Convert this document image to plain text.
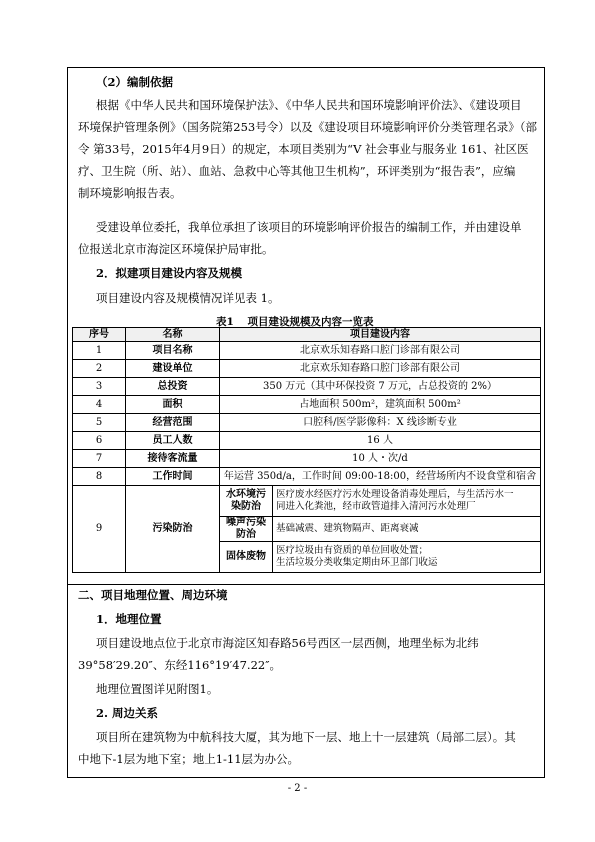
（2）编制依据
根据《中华人民共和国环境保护法》、《中华人民共和国环境影响评价法》、《建设项目
环境保护管理条例》（国务院第253号令）以及《建设项目环境影响评价分类管理名录》（部
令 第33号，2015年4月9日）的规定，本项目类别为“V 社会事业与服务业 161、社区医
疗、卫生院（所、站）、血站、急救中心等其他卫生机构”，环评类别为“报告表”，应编
制环境影响报告表。
受建设单位委托，我单位承担了该项目的环境影响评价报告的编制工作，并由建设单
位报送北京市海淀区环境保护局审批。
2．拟建项目建设内容及规模
项目建设内容及规模情况详见表 1。
表1 项目建设规模及内容一览表
序号	名称	项目建设内容	
1	项目名称	北京欢乐知春路口腔门诊部有限公司	
2	建设单位	北京欢乐知春路口腔门诊部有限公司	
3	总投资	350 万元（其中环保投资 7 万元，占总投资的 2%）	
4	面积	占地面积 500m²，建筑面积 500m²	
5	经营范围	口腔科/医学影像科：X 线诊断专业	
6	员工人数	16 人	
7	接待客流量	10 人・次/d	
8	工作时间	年运营 350d/a，工作时间 09:00-18:00，经营场所内不设食堂和宿舍	
9	污染防治	水环境污染防治	医疗废水经医疗污水处理设备消毒处理后，与生活污水一
同进入化粪池，经市政管道排入清河污水处理厂

		噪声污染防治	基础减震、建筑物隔声、距离衰减

		固体废物	医疗垃圾由有资质的单位回收处置；
生活垃圾分类收集定期由环卫部门收运
二、项目地理位置、周边环境
1．地理位置
项目建设地点位于北京市海淀区知春路56号西区一层西侧，地理坐标为北纬
39°58′29.20″、东经116°19′47.22″。
地理位置图详见附图1。
2. 周边关系
项目所在建筑物为中航科技大厦，其为地下一层、地上十一层建筑（局部二层）。其
中地下-1层为地下室；地上1-11层为办公。
- 2 -
